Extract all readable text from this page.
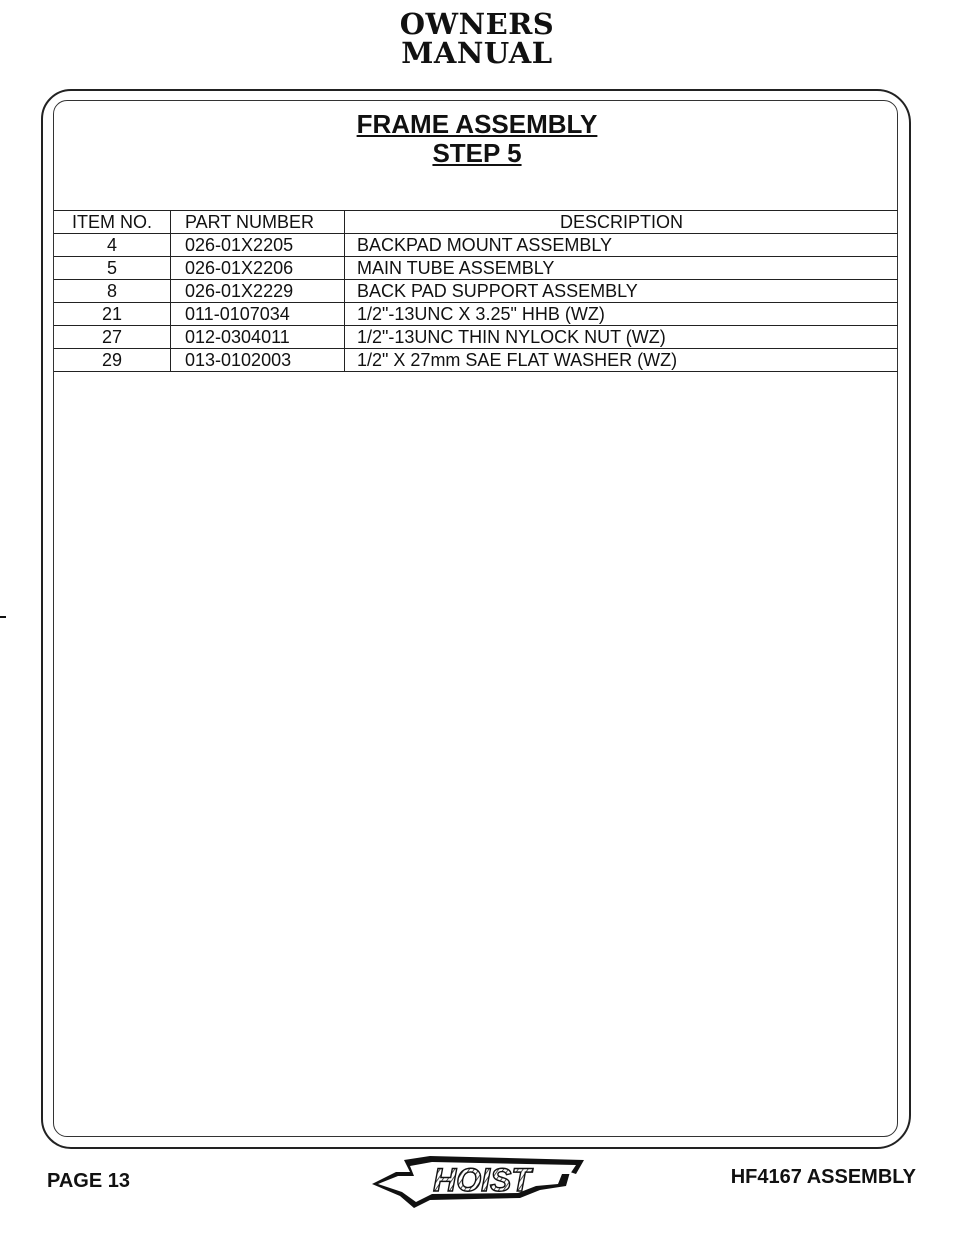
OWNERS
MANUAL
FRAME ASSEMBLY
STEP 5
ITEM NO.	PART NUMBER	DESCRIPTION
4	026-01X2205	BACKPAD MOUNT ASSEMBLY
5	026-01X2206	MAIN TUBE ASSEMBLY
8	026-01X2229	BACK PAD SUPPORT ASSEMBLY
21	011-0107034	1/2"-13UNC X 3.25" HHB (WZ)
27	012-0304011	1/2"-13UNC THIN NYLOCK NUT (WZ)
29	013-0102003	1/2" X 27mm SAE FLAT WASHER (WZ)
PAGE 13	HOIST	HF4167 ASSEMBLY
